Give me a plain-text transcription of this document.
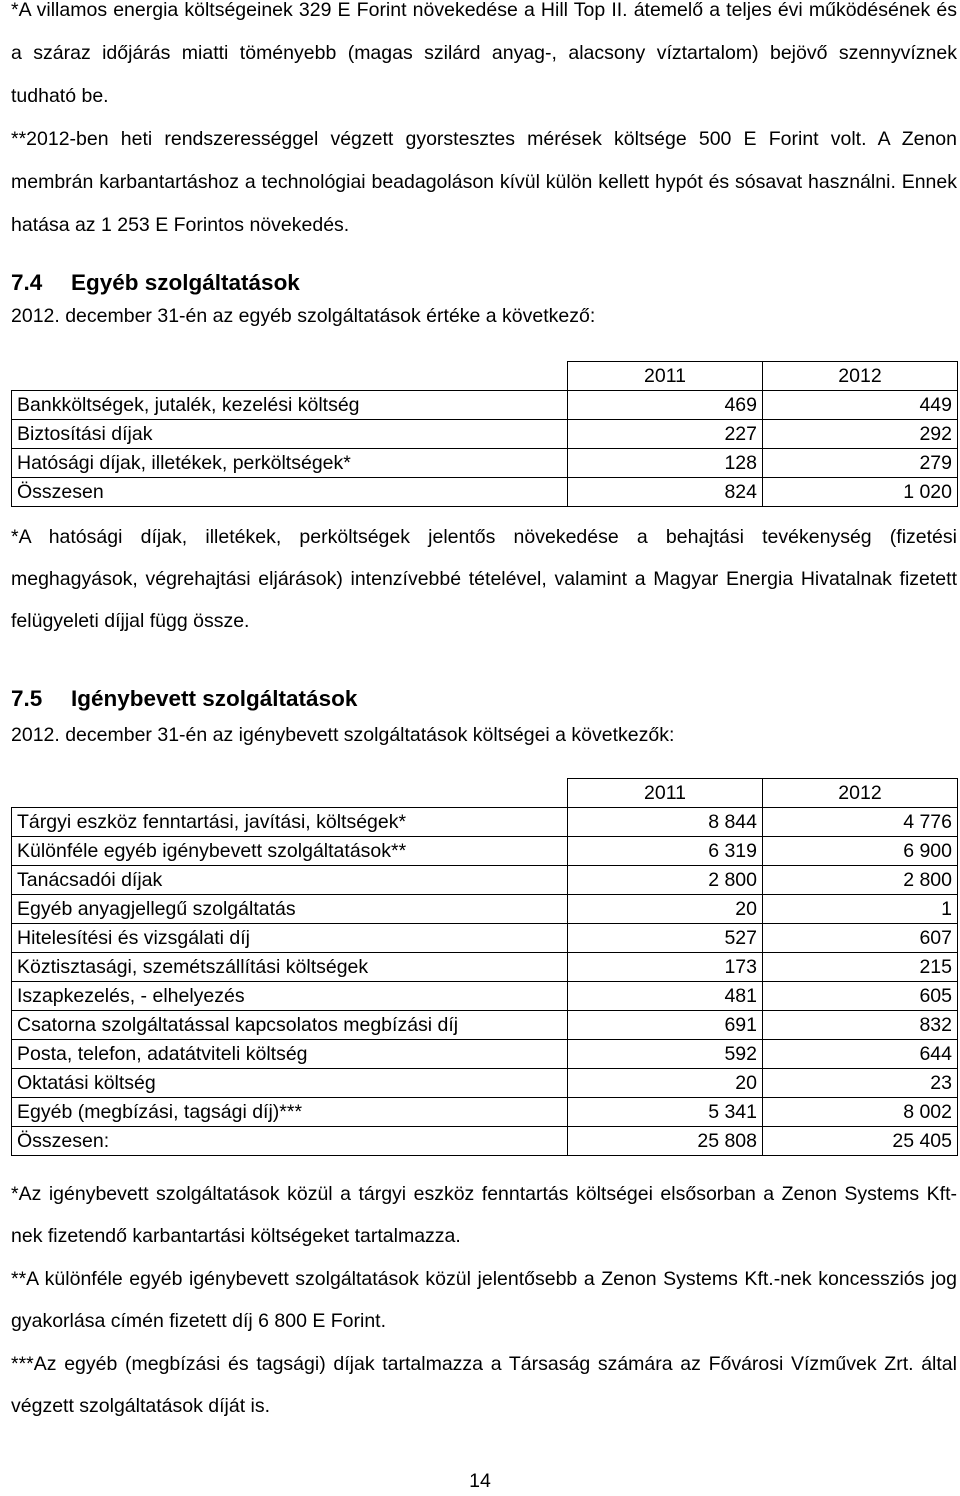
*A villamos energia költségeinek 329 E Forint növekedése a Hill Top II. átemelő a teljes évi működésének és a száraz időjárás miatti töményebb (magas szilárd anyag-, alacsony víztartalom) bejövő szennyvíznek tudható be.

**2012-ben heti rendszerességgel végzett gyorstesztes mérések költsége 500 E Forint volt. A Zenon membrán karbantartáshoz a technológiai beadagoláson kívül külön kellett hypót és sósavat használni. Ennek hatása az 1 253 E Forintos növekedés.

7.4 Egyéb szolgáltatások

2012. december 31-én az egyéb szolgáltatások értéke a következő:

	2011	2012
Bankköltségek, jutalék, kezelési költség	469	449
Biztosítási díjak	227	292
Hatósági díjak, illetékek, perköltségek*	128	279
Összesen	824	1 020

*A hatósági díjak, illetékek, perköltségek jelentős növekedése a behajtási tevékenység (fizetési meghagyások, végrehajtási eljárások) intenzívebbé tételével, valamint a Magyar Energia Hivatalnak fizetett felügyeleti díjjal függ össze.

7.5 Igénybevett szolgáltatások

2012. december 31-én az igénybevett szolgáltatások költségei a következők:

	2011	2012
Tárgyi eszköz fenntartási, javítási, költségek*	8 844	4 776
Különféle egyéb igénybevett szolgáltatások**	6 319	6 900
Tanácsadói díjak	2 800	2 800
Egyéb anyagjellegű szolgáltatás	20	1
Hitelesítési és vizsgálati díj	527	607
Köztisztasági, szemétszállítási költségek	173	215
Iszapkezelés, - elhelyezés	481	605
Csatorna szolgáltatással kapcsolatos megbízási díj	691	832
Posta, telefon, adatátviteli költség	592	644
Oktatási költség	20	23
Egyéb (megbízási, tagsági díj)***	5 341	8 002
Összesen:	25 808	25 405

*Az igénybevett szolgáltatások közül a tárgyi eszköz fenntartás költségei elsősorban a Zenon Systems Kft-nek fizetendő karbantartási költségeket tartalmazza.

**A különféle egyéb igénybevett szolgáltatások közül jelentősebb a Zenon Systems Kft.-nek koncessziós jog gyakorlása címén fizetett díj 6 800 E Forint.

***Az egyéb (megbízási és tagsági) díjak tartalmazza a Társaság számára az Fővárosi Vízművek Zrt. által végzett szolgáltatások díját is.

14
